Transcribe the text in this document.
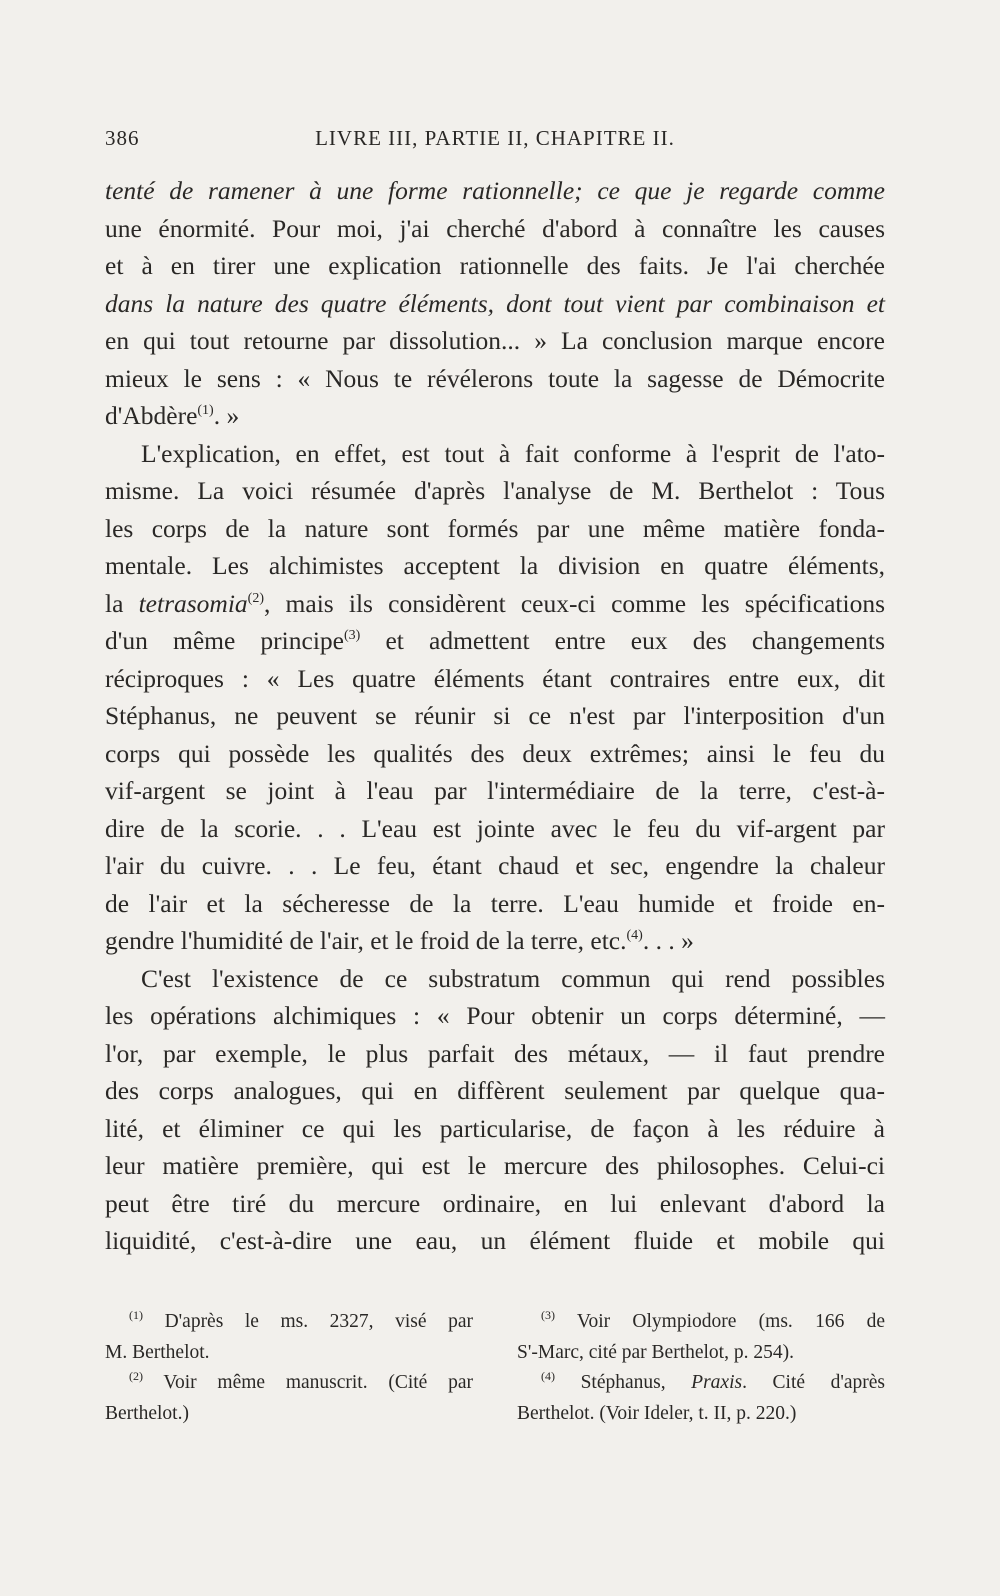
386	LIVRE III, PARTIE II, CHAPITRE II.
tenté de ramener à une forme rationnelle; ce que je regarde comme
une énormité. Pour moi, j'ai cherché d'abord à connaître les causes
et à en tirer une explication rationnelle des faits. Je l'ai cherchée
dans la nature des quatre éléments, dont tout vient par combinaison et
en qui tout retourne par dissolution... » La conclusion marque encore
mieux le sens : « Nous te révélerons toute la sagesse de Démocrite
d'Abdère$^{(1)}$. »
L'explication, en effet, est tout à fait conforme à l'esprit de l'ato-
misme. La voici résumée d'après l'analyse de M. Berthelot : Tous
les corps de la nature sont formés par une même matière fonda-
mentale. Les alchimistes acceptent la division en quatre éléments,
la tetrasomia$^{(2)}$, mais ils considèrent ceux-ci comme les spécifications
d'un même principe$^{(3)}$ et admettent entre eux des changements
réciproques : « Les quatre éléments étant contraires entre eux, dit
Stéphanus, ne peuvent se réunir si ce n'est par l'interposition d'un
corps qui possède les qualités des deux extrêmes; ainsi le feu du
vif-argent se joint à l'eau par l'intermédiaire de la terre, c'est-à-
dire de la scorie. . . L'eau est jointe avec le feu du vif-argent par
l'air du cuivre. . . Le feu, étant chaud et sec, engendre la chaleur
de l'air et la sécheresse de la terre. L'eau humide et froide en-
gendre l'humidité de l'air, et le froid de la terre, etc.$^{(4)}$. . . »
C'est l'existence de ce substratum commun qui rend possibles
les opérations alchimiques : « Pour obtenir un corps déterminé, —
l'or, par exemple, le plus parfait des métaux, — il faut prendre
des corps analogues, qui en diffèrent seulement par quelque qua-
lité, et éliminer ce qui les particularise, de façon à les réduire à
leur matière première, qui est le mercure des philosophes. Celui-ci
peut être tiré du mercure ordinaire, en lui enlevant d'abord la
liquidité, c'est-à-dire une eau, un élément fluide et mobile qui
$^{(1)}$ D'après le ms. 2327, visé par
M. Berthelot.
$^{(2)}$ Voir même manuscrit. (Cité par
Berthelot.)
$^{(3)}$ Voir Olympiodore (ms. 166 de
S'-Marc, cité par Berthelot, p. 254).
$^{(4)}$ Stéphanus, Praxis. Cité d'après
Berthelot. (Voir Ideler, t. II, p. 220.)
